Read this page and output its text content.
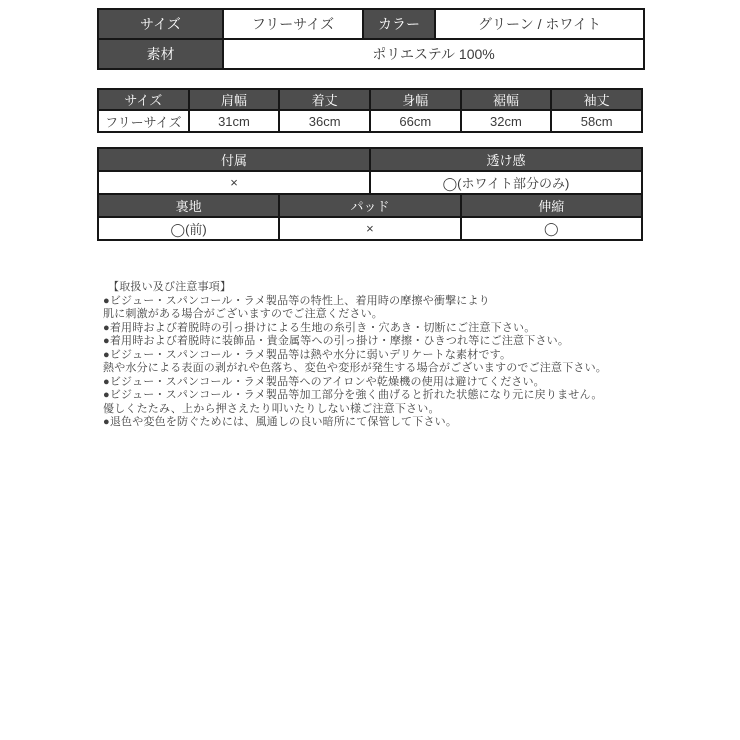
サイズ	フリーサイズ	カラー	グリーン / ホワイト
素材	ポリエステル 100%		
サイズ	肩幅	着丈	身幅	裾幅	袖丈
フリーサイズ	31cm	36cm	66cm	32cm	58cm
付属		透け感	
×		◯(ホワイト部分のみ)	
裏地	パッド		伸縮
◯(前)	×		◯
【取扱い及び注意事項】
●ビジュー・スパンコール・ラメ製品等の特性上、着用時の摩擦や衝撃により
肌に刺激がある場合がございますのでご注意ください。
●着用時および着脱時の引っ掛けによる生地の糸引き・穴あき・切断にご注意下さい。
●着用時および着脱時に装飾品・貴金属等への引っ掛け・摩擦・ひきつれ等にご注意下さい。
●ビジュー・スパンコール・ラメ製品等は熱や水分に弱いデリケートな素材です。
熱や水分による表面の剥がれや色落ち、変色や変形が発生する場合がございますのでご注意下さい。
●ビジュー・スパンコール・ラメ製品等へのアイロンや乾燥機の使用は避けてください。
●ビジュー・スパンコール・ラメ製品等加工部分を強く曲げると折れた状態になり元に戻りません。
優しくたたみ、上から押さえたり叩いたりしない様ご注意下さい。
●退色や変色を防ぐためには、風通しの良い暗所にて保管して下さい。
